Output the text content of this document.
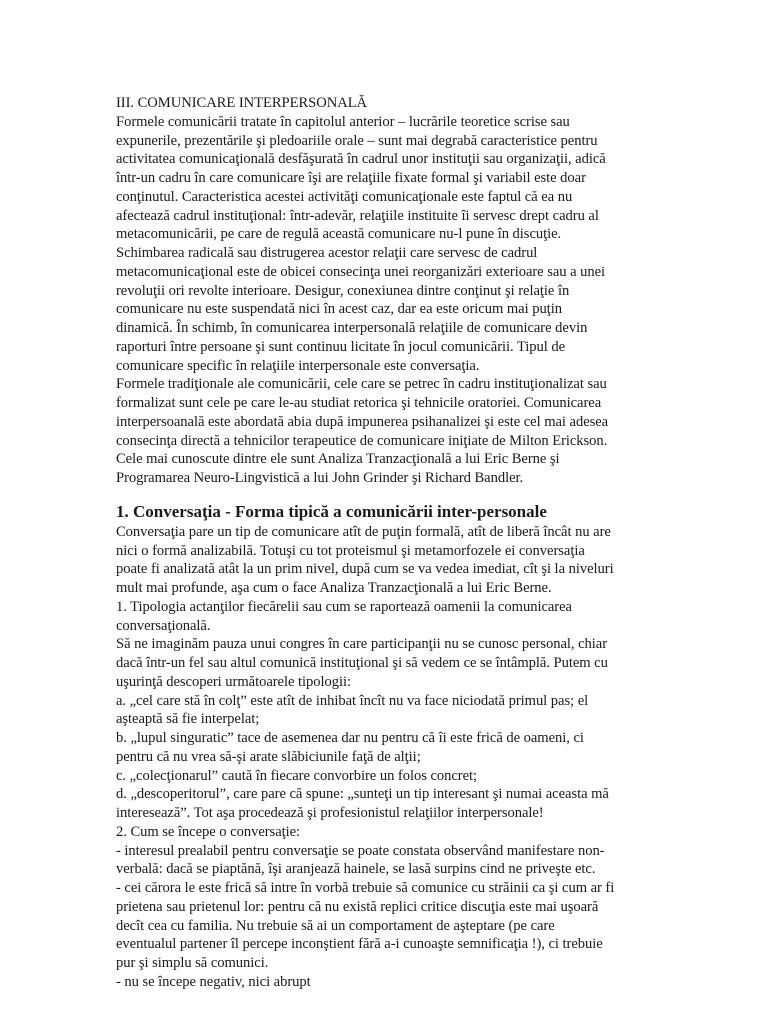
III. COMUNICARE INTERPERSONALĂ
Formele comunicării tratate în capitolul anterior – lucrările teoretice scrise sau
expunerile, prezentările şi pledoariile orale – sunt mai degrabă caracteristice pentru
activitatea comunicaţională desfăşurată în cadrul unor instituţii sau organizaţii, adică
într-un cadru în care comunicare îşi are relaţiile fixate formal şi variabil este doar
conţinutul. Caracteristica acestei activităţi comunicaţionale este faptul că ea nu
afectează cadrul instituţional: într-adevăr, relaţiile instituite îi servesc drept cadru al
metacomunicării, pe care de regulă această comunicare nu-l pune în discuţie.
Schimbarea radicală sau distrugerea acestor relaţii care servesc de cadrul
metacomunicaţional este de obicei consecinţa unei reorganizări exterioare sau a unei
revoluţii ori revolte interioare. Desigur, conexiunea dintre conţinut şi relaţie în
comunicare nu este suspendată nici în acest caz, dar ea este oricum mai puţin
dinamică. În schimb, în comunicarea interpersonală relaţiile de comunicare devin
raporturi între persoane şi sunt continuu licitate în jocul comunicării. Tipul de
comunicare specific în relaţiile interpersonale este conversaţia.
Formele tradiţionale ale comunicării, cele care se petrec în cadru instituţionalizat sau
formalizat sunt cele pe care le-au studiat retorica şi tehnicile oratoriei. Comunicarea
interpersoanală este abordată abia după impunerea psihanalizei şi este cel mai adesea
consecinţa directă a tehnicilor terapeutice de comunicare iniţiate de Milton Erickson.
Cele mai cunoscute dintre ele sunt Analiza Tranzacţională a lui Eric Berne şi
Programarea Neuro-Lingvistică a lui John Grinder şi Richard Bandler.
1. Conversaţia - Forma tipică a comunicării inter-personale
Conversaţia pare un tip de comunicare atît de puţin formală, atît de liberă încât nu are
nici o formă analizabilă. Totuşi cu tot proteismul şi metamorfozele ei conversaţia
poate fi analizată atât la un prim nivel, după cum se va vedea imediat, cît şi la niveluri
mult mai profunde, aşa cum o face Analiza Tranzacţională a lui Eric Berne.
1. Tipologia actanţilor fiecărelii sau cum se raportează oamenii la comunicarea
conversaţională.
Să ne imaginăm pauza unui congres în care participanţii nu se cunosc personal, chiar
dacă într-un fel sau altul comunică instituţional şi să vedem ce se întâmplă. Putem cu
uşurinţă descoperi următoarele tipologii:
a. „cel care stă în colţ” este atît de inhibat încît nu va face niciodată primul pas; el
aşteaptă să fie interpelat;
b. „lupul singuratic” tace de asemenea dar nu pentru că îi este frică de oameni, ci
pentru că nu vrea să-şi arate slăbiciunile faţă de alţii;
c. „colecţionarul” caută în fiecare convorbire un folos concret;
d. „descoperitorul”, care pare că spune: „sunteţi un tip interesant şi numai aceasta mă
interesează”. Tot aşa procedează şi profesionistul relaţiilor interpersonale!
2. Cum se începe o conversaţie:
- interesul prealabil pentru conversaţie se poate constata observând manifestare non-
verbală: dacă se piaptănă, îşi aranjează hainele, se lasă surpins cind ne priveşte etc.
- cei cărora le este frică să intre în vorbă trebuie să comunice cu străinii ca şi cum ar fi
prietena sau prietenul lor: pentru că nu există replici critice discuţia este mai uşoară
decît cea cu familia. Nu trebuie să ai un comportament de aşteptare (pe care
eventualul partener îl percepe inconştient fără a-i cunoaşte semnificaţia !), ci trebuie
pur şi simplu să comunici.
- nu se începe negativ, nici abrupt
